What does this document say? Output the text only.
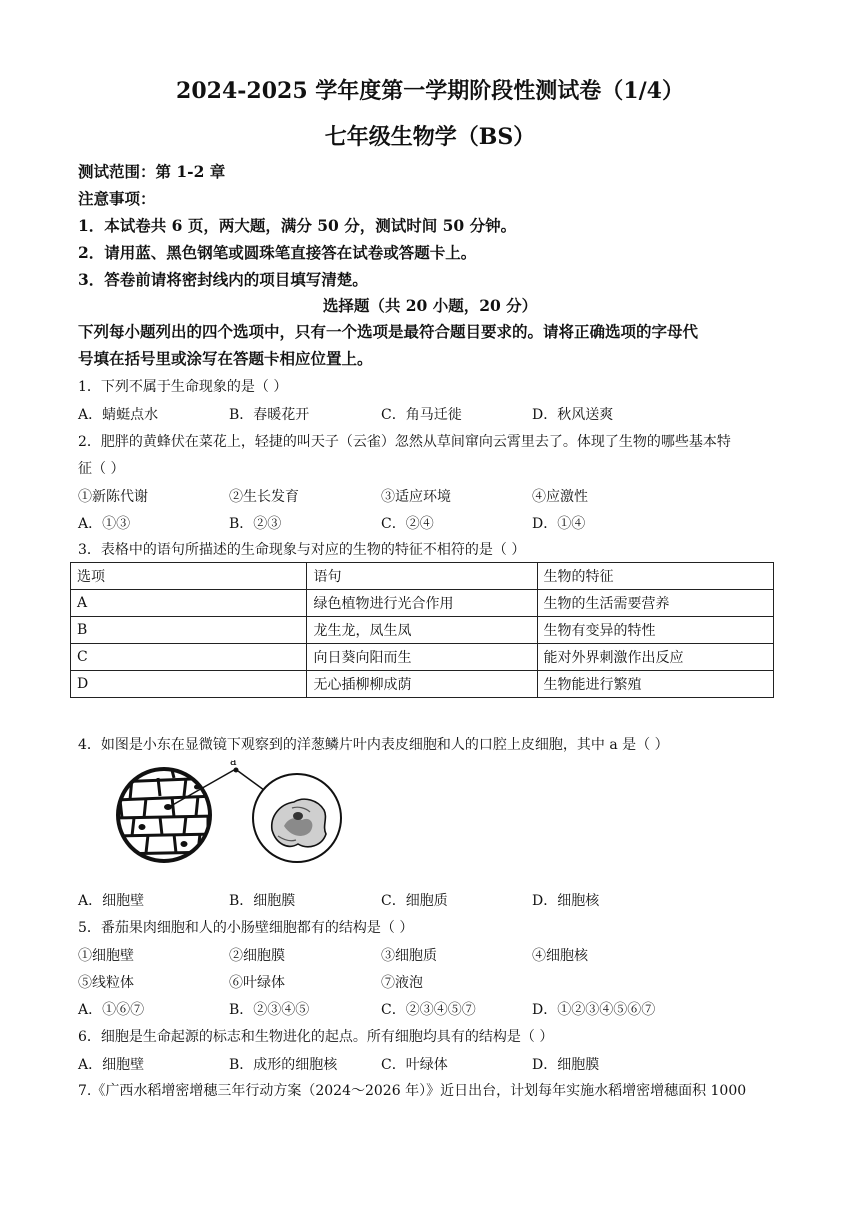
2024-2025 学年度第一学期阶段性测试卷（1/4）
七年级生物学（BS）
测试范围：第 1-2 章
注意事项：
1．本试卷共 6 页，两大题，满分 50 分，测试时间 50 分钟。
2．请用蓝、黑色钢笔或圆珠笔直接答在试卷或答题卡上。
3．答卷前请将密封线内的项目填写清楚。
选择题（共 20 小题，20 分）
下列每小题列出的四个选项中，只有一个选项是最符合题目要求的。请将正确选项的字母代
号填在括号里或涂写在答题卡相应位置上。
1．下列不属于生命现象的是（ ）
A．蜻蜓点水	B．春暖花开	C．角马迁徙	D．秋风送爽
2．肥胖的黄蜂伏在菜花上，轻捷的叫天子（云雀）忽然从草间窜向云霄里去了。体现了生物的哪些基本特
征（ ）
①新陈代谢	②生长发育	③适应环境	④应激性
A．①③	B．②③	C．②④	D．①④
3．表格中的语句所描述的生命现象与对应的生物的特征不相符的是（ ）
选项	语句	生物的特征
A	绿色植物进行光合作用	生物的生活需要营养
B	龙生龙，凤生凤	生物有变异的特性
C	向日葵向阳而生	能对外界刺激作出反应
D	无心插柳柳成荫	生物能进行繁殖
4．如图是小东在显微镜下观察到的洋葱鳞片叶内表皮细胞和人的口腔上皮细胞，其中 a 是（ ）
a
A．细胞壁	B．细胞膜	C．细胞质	D．细胞核
5．番茄果肉细胞和人的小肠壁细胞都有的结构是（ ）
①细胞壁	②细胞膜	③细胞质	④细胞核
⑤线粒体	⑥叶绿体	⑦液泡
A．①⑥⑦	B．②③④⑤	C．②③④⑤⑦	D．①②③④⑤⑥⑦
6．细胞是生命起源的标志和生物进化的起点。所有细胞均具有的结构是（ ）
A．细胞壁	B．成形的细胞核	C．叶绿体	D．细胞膜
7.《广西水稻增密增穗三年行动方案（2024～2026 年）》近日出台，计划每年实施水稻增密增穗面积 1000
